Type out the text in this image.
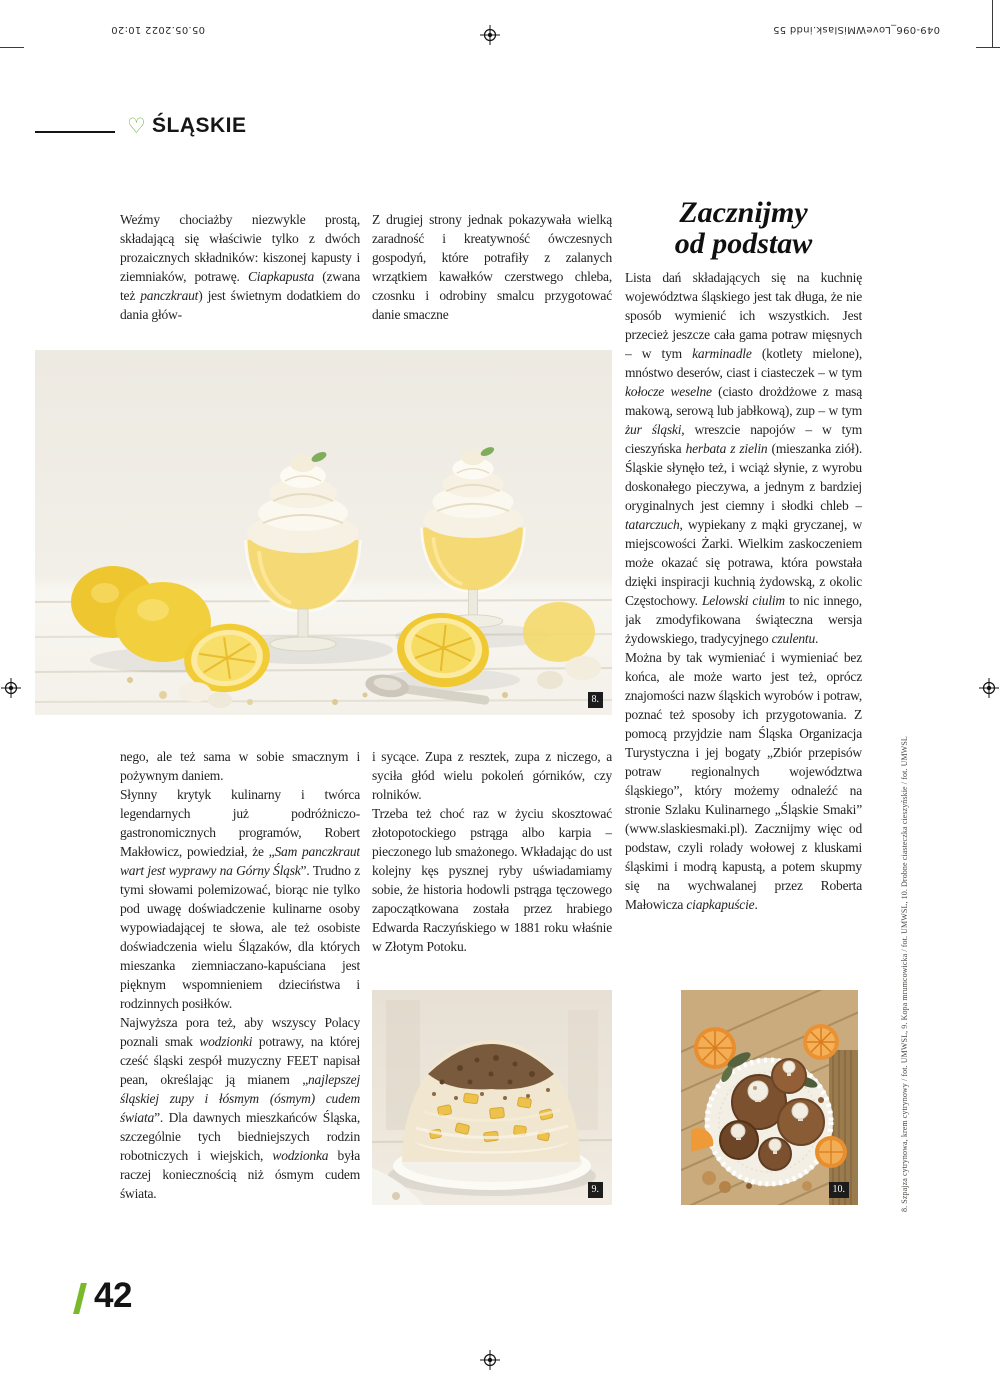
05.05.2022 10:20	049-096_LoveWMiSlask.indd 55
♡ ŚLĄSKIE

Weźmy chociażby niezwykle prostą, składającą się właściwie tylko z dwóch prozaicznych składników: kiszonej kapusty i ziemniaków, potrawę. Ciapkapusta (zwana też panczkraut) jest świetnym dodatkiem do dania głów-

Z drugiej strony jednak pokazywała wielką zaradność i kreatywność ówczesnych gospodyń, które potrafiły z zalanych wrzątkiem kawałków czerstwego chleba, czosnku i odrobiny smalcu przygotować danie smaczne

Zacznijmy
od podstaw

Lista dań składających się na kuchnię województwa śląskiego jest tak długa, że nie sposób wymienić ich wszystkich. Jest przecież jeszcze cała gama potraw mięsnych – w tym karminadle (kotlety mielone), mnóstwo deserów, ciast i ciasteczek – w tym kołocze weselne (ciasto drożdżowe z masą makową, serową lub jabłkową), zup – w tym żur śląski, wreszcie napojów – w tym cieszyńska herbata z zielin (mieszanka ziół). Śląskie słynęło też, i wciąż słynie, z wyrobu doskonałego pieczywa, a jednym z bardziej oryginalnych jest ciemny i słodki chleb – tatarczuch, wypiekany z mąki gryczanej, w miejscowości Żarki. Wielkim zaskoczeniem może okazać się potrawa, która powstała dzięki inspiracji kuchnią żydowską, z okolic Częstochowy. Lelowski ciulim to nic innego, jak zmodyfikowana świąteczna wersja żydowskiego, tradycyjnego czulentu.

Można by tak wymieniać i wymieniać bez końca, ale może warto jest też, oprócz znajomości nazw śląskich wyrobów i potraw, poznać też sposoby ich przygotowania. Z pomocą przyjdzie nam Śląska Organizacja Turystyczna i jej bogaty „Zbiór przepisów potraw regionalnych województwa śląskiego”, który możemy odnaleźć na stronie Szlaku Kulinarnego „Śląskie Smaki” (www.slaskiesmaki.pl). Zacznijmy więc od podstaw, czyli rolady wołowej z kluskami śląskimi i modrą kapustą, a potem skupmy się na wychwalanej przez Roberta Małowicza ciapkapuście.

8.

nego, ale też sama w sobie smacznym i pożywnym daniem.

Słynny krytyk kulinarny i twórca legendarnych już podróżniczo-gastronomicznych programów, Robert Makłowicz, powiedział, że „Sam panczkraut wart jest wyprawy na Górny Śląsk”. Trudno z tymi słowami polemizować, biorąc nie tylko pod uwagę doświadczenie kulinarne osoby wypowiadającej te słowa, ale też osobiste doświadczenia wielu Ślązaków, dla których mieszanka ziemniaczano-kapuściana jest pięknym wspomnieniem dzieciństwa i rodzinnych posiłków.

Najwyższa pora też, aby wszyscy Polacy poznali smak wodzionki potrawy, na której cześć śląski zespół muzyczny FEET napisał pean, określając ją mianem „najlepszej śląskiej zupy i łósmym (ósmym) cudem świata”. Dla dawnych mieszkańców Śląska, szczególnie tych biedniejszych rodzin robotniczych i wiejskich, wodzionka była raczej koniecznością niż ósmym cudem świata.

i sycące. Zupa z resztek, zupa z niczego, a syciła głód wielu pokoleń górników, czy rolników.

Trzeba też choć raz w życiu skosztować złotopotockiego pstrąga albo karpia – pieczonego lub smażonego. Wkładając do ust kolejny kęs pysznej ryby uświadamiamy sobie, że historia hodowli pstrąga tęczowego zapoczątkowana została przez hrabiego Edwarda Raczyńskiego w 1881 roku właśnie w Złotym Potoku.

9.	10.	8. Szpajza cytrynowa, krem cytrynowy / fot. UMWSL, 9. Kopa mrumcowicka / fot. UMWSL, 10. Drobne ciasteczka cieszyńskie / fot. UMWSL
42
